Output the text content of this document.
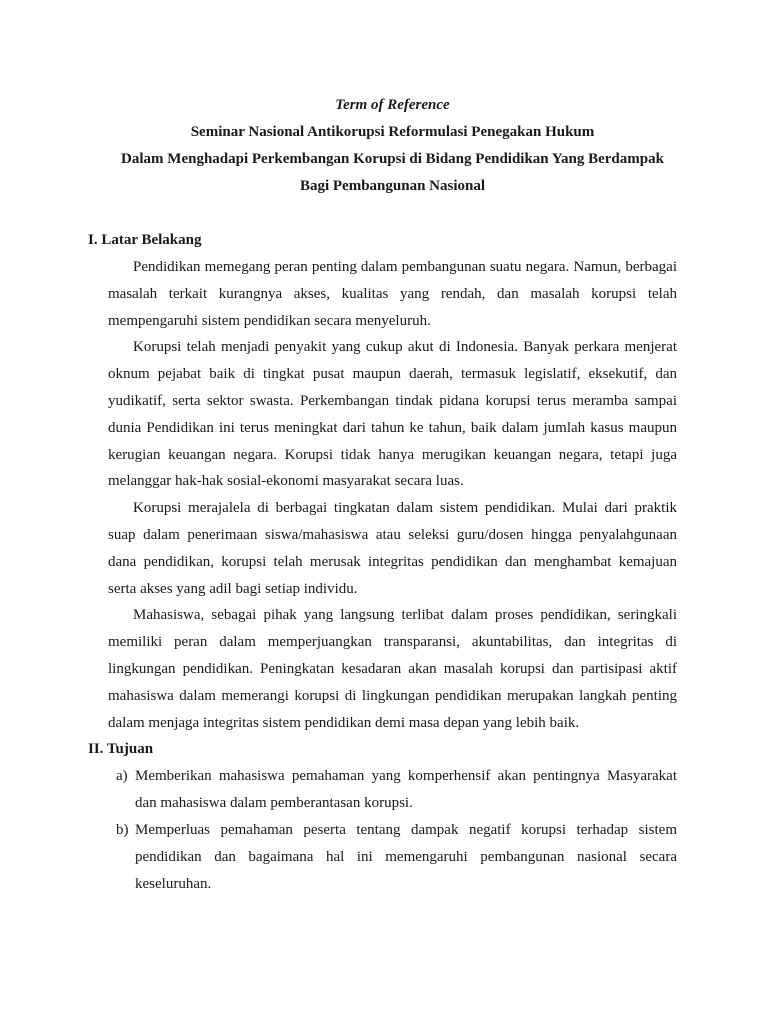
Term of Reference
Seminar Nasional Antikorupsi Reformulasi Penegakan Hukum
Dalam Menghadapi Perkembangan Korupsi di Bidang Pendidikan Yang Berdampak
Bagi Pembangunan Nasional
I. Latar Belakang

Pendidikan memegang peran penting dalam pembangunan suatu negara. Namun, berbagai masalah terkait kurangnya akses, kualitas yang rendah, dan masalah korupsi telah mempengaruhi sistem pendidikan secara menyeluruh.

Korupsi telah menjadi penyakit yang cukup akut di Indonesia. Banyak perkara menjerat oknum pejabat baik di tingkat pusat maupun daerah, termasuk legislatif, eksekutif, dan yudikatif, serta sektor swasta. Perkembangan tindak pidana korupsi terus meramba sampai dunia Pendidikan ini terus meningkat dari tahun ke tahun, baik dalam jumlah kasus maupun kerugian keuangan negara. Korupsi tidak hanya merugikan keuangan negara, tetapi juga melanggar hak-hak sosial-ekonomi masyarakat secara luas.

Korupsi merajalela di berbagai tingkatan dalam sistem pendidikan. Mulai dari praktik suap dalam penerimaan siswa/mahasiswa atau seleksi guru/dosen hingga penyalahgunaan dana pendidikan, korupsi telah merusak integritas pendidikan dan menghambat kemajuan serta akses yang adil bagi setiap individu.

Mahasiswa, sebagai pihak yang langsung terlibat dalam proses pendidikan, seringkali memiliki peran dalam memperjuangkan transparansi, akuntabilitas, dan integritas di lingkungan pendidikan. Peningkatan kesadaran akan masalah korupsi dan partisipasi aktif mahasiswa dalam memerangi korupsi di lingkungan pendidikan merupakan langkah penting dalam menjaga integritas sistem pendidikan demi masa depan yang lebih baik.

II. Tujuan
a) Memberikan mahasiswa pemahaman yang komperhensif akan pentingnya Masyarakat dan mahasiswa dalam pemberantasan korupsi.
b) Memperluas pemahaman peserta tentang dampak negatif korupsi terhadap sistem pendidikan dan bagaimana hal ini memengaruhi pembangunan nasional secara keseluruhan.
